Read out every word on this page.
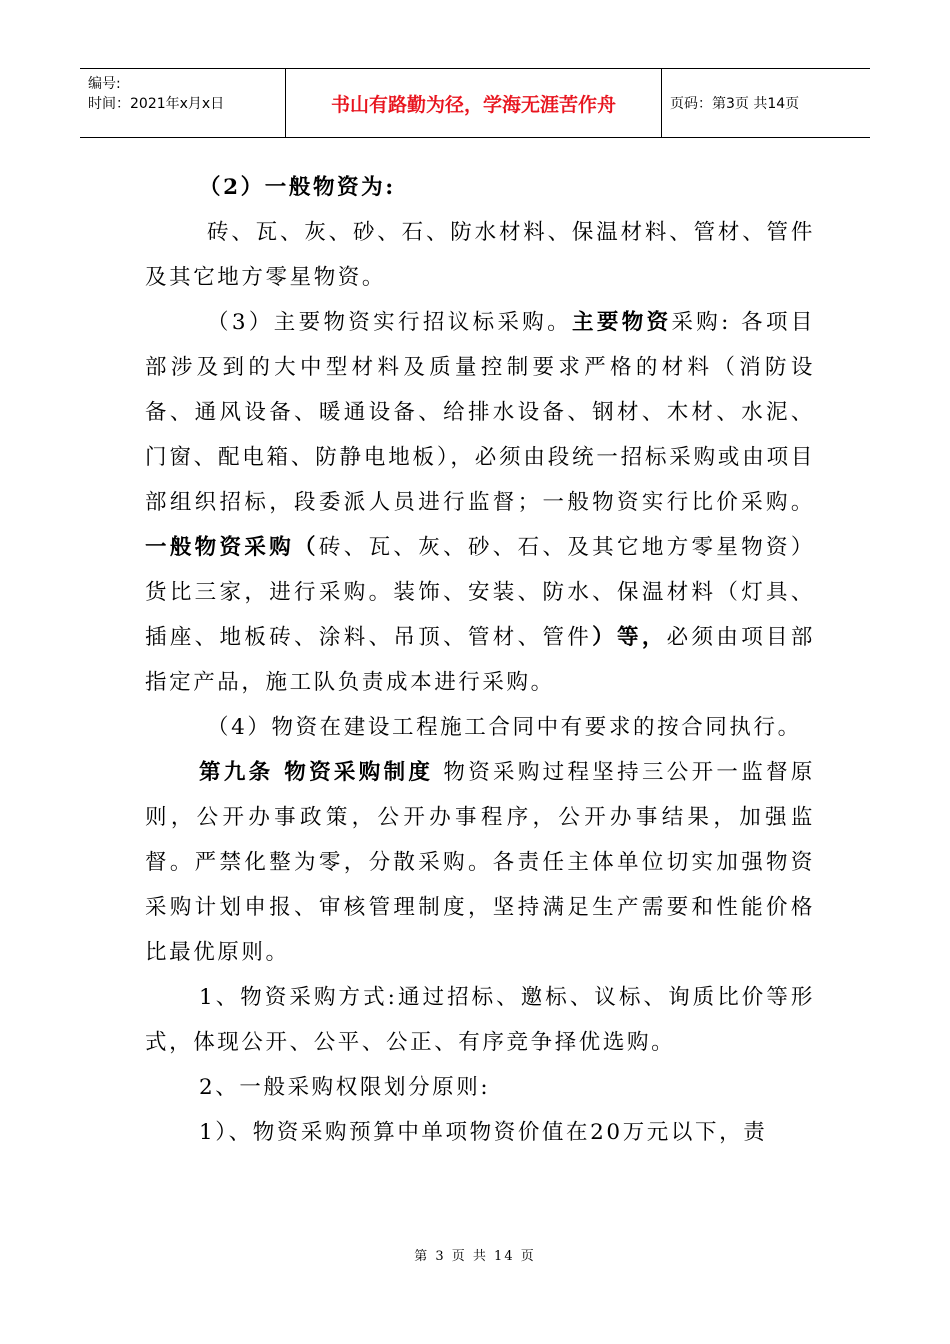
编号:
时间：2021年x月x日	书山有路勤为径，学海无涯苦作舟	页码：第3页 共14页

（2）一般物资为:

砖、瓦、灰、砂、石、防水材料、保温材料、管材、管件及其它地方零星物资。

（3）主要物资实行招议标采购。主要物资采购: 各项目部涉及到的大中型材料及质量控制要求严格的材料（消防设备、通风设备、暖通设备、给排水设备、钢材、木材、水泥、门窗、配电箱、防静电地板），必须由段统一招标采购或由项目部组织招标，段委派人员进行监督；一般物资实行比价采购。一般物资采购（砖、瓦、灰、砂、石、及其它地方零星物资）货比三家，进行采购。装饰、安装、防水、保温材料（灯具、插座、地板砖、涂料、吊顶、管材、管件）等，必须由项目部指定产品，施工队负责成本进行采购。

（4）物资在建设工程施工合同中有要求的按合同执行。

第九条 物资采购制度 物资采购过程坚持三公开一监督原则，公开办事政策，公开办事程序，公开办事结果，加强监督。严禁化整为零，分散采购。各责任主体单位切实加强物资采购计划申报、审核管理制度，坚持满足生产需要和性能价格比最优原则。

1、物资采购方式:通过招标、邀标、议标、询质比价等形式，体现公开、公平、公正、有序竞争择优选购。

2、一般采购权限划分原则:

1）、物资采购预算中单项物资价值在20万元以下，责

第 3 页 共 14 页
